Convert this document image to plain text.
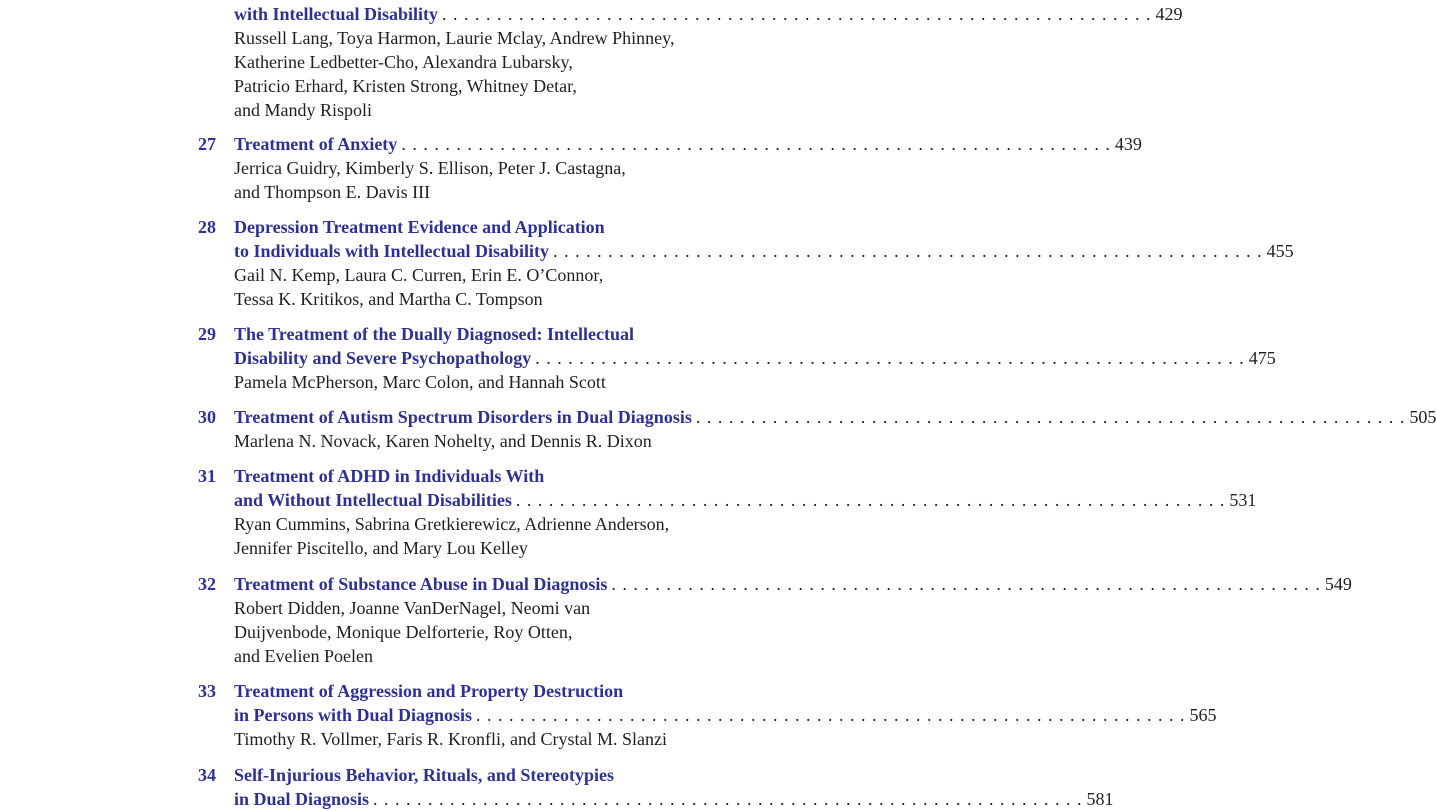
with Intellectual Disability . . . . . . . . . . . . . . . . . . . . . . . . . . . . . . . . . . . . . . . . . . . . . . . . . . . . . . . . . . . . . . . . . 429
Russell Lang, Toya Harmon, Laurie Mclay, Andrew Phinney,
Katherine Ledbetter-Cho, Alexandra Lubarsky,
Patricio Erhard, Kristen Strong, Whitney Detar,
and Mandy Rispoli
27 Treatment of Anxiety . . . . . . . . . . . . . . . . . . . . . . . . . . . . . . . . . . . . . . . . . . . . . . . . . . . . . . . . . . . . . . . . . 439
Jerrica Guidry, Kimberly S. Ellison, Peter J. Castagna,
and Thompson E. Davis III
28 Depression Treatment Evidence and Application
to Individuals with Intellectual Disability . . . . . . . . . . . . . . . . . . . . . . . . . . . . . . . . . . . . . . . . . . . . . . . . . . . . . . . . . . . . . . . . . 455
Gail N. Kemp, Laura C. Curren, Erin E. O’Connor,
Tessa K. Kritikos, and Martha C. Tompson
29 The Treatment of the Dually Diagnosed: Intellectual
Disability and Severe Psychopathology . . . . . . . . . . . . . . . . . . . . . . . . . . . . . . . . . . . . . . . . . . . . . . . . . . . . . . . . . . . . . . . . . 475
Pamela McPherson, Marc Colon, and Hannah Scott
30 Treatment of Autism Spectrum Disorders in Dual Diagnosis . . . . . . . . . . . . . . . . . . . . . . . . . . . . . . . . . . . . . . . . . . . . . . . . . . . . . . . . . . . . . . . . . 505
Marlena N. Novack, Karen Nohelty, and Dennis R. Dixon
31 Treatment of ADHD in Individuals With
and Without Intellectual Disabilities . . . . . . . . . . . . . . . . . . . . . . . . . . . . . . . . . . . . . . . . . . . . . . . . . . . . . . . . . . . . . . . . . 531
Ryan Cummins, Sabrina Gretkierewicz, Adrienne Anderson,
Jennifer Piscitello, and Mary Lou Kelley
32 Treatment of Substance Abuse in Dual Diagnosis . . . . . . . . . . . . . . . . . . . . . . . . . . . . . . . . . . . . . . . . . . . . . . . . . . . . . . . . . . . . . . . . . 549
Robert Didden, Joanne VanDerNagel, Neomi van
Duijvenbode, Monique Delforterie, Roy Otten,
and Evelien Poelen
33 Treatment of Aggression and Property Destruction
in Persons with Dual Diagnosis . . . . . . . . . . . . . . . . . . . . . . . . . . . . . . . . . . . . . . . . . . . . . . . . . . . . . . . . . . . . . . . . . 565
Timothy R. Vollmer, Faris R. Kronfli, and Crystal M. Slanzi
34 Self-Injurious Behavior, Rituals, and Stereotypies
in Dual Diagnosis . . . . . . . . . . . . . . . . . . . . . . . . . . . . . . . . . . . . . . . . . . . . . . . . . . . . . . . . . . . . . . . . . 581
